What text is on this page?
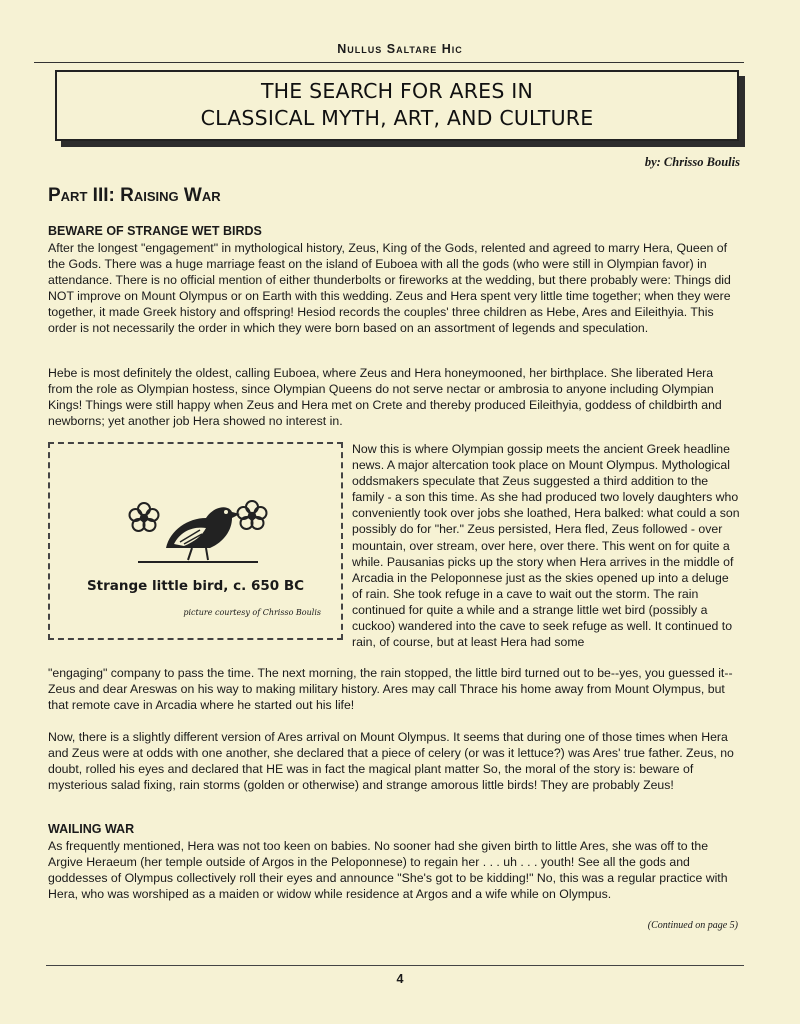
Nullus Saltare Hic
THE SEARCH FOR ARES IN
CLASSICAL MYTH, ART, AND CULTURE
by: Chrisso Boulis
Part III: Raising War
BEWARE OF STRANGE WET BIRDS

After the longest "engagement" in mythological history, Zeus, King of the Gods, relented and agreed to marry Hera, Queen of the Gods. There was a huge marriage feast on the island of Euboea with all the gods (who were still in Olympian favor) in attendance. There is no official mention of either thunderbolts or fireworks at the wedding, but there probably were: Things did NOT improve on Mount Olympus or on Earth with this wedding. Zeus and Hera spent very little time together; when they were together, it made Greek history and offspring! Hesiod records the couples' three children as Hebe, Ares and Eileithyia. This order is not necessarily the order in which they were born based on an assortment of legends and speculation.

Hebe is most definitely the oldest, calling Euboea, where Zeus and Hera honeymooned, her birthplace. She liberated Hera from the role as Olympian hostess, since Olympian Queens do not serve nectar or ambrosia to anyone including Olympian Kings! Things were still happy when Zeus and Hera met on Crete and thereby produced Eileithyia, goddess of childbirth and newborns; yet another job Hera showed no interest in.

Strange little bird, c. 650 BC
picture courtesy of Chrisso Boulis

Now this is where Olympian gossip meets the ancient Greek headline news. A major altercation took place on Mount Olympus. Mythological oddsmakers speculate that Zeus suggested a third addition to the family - a son this time. As she had produced two lovely daughters who conveniently took over jobs she loathed, Hera balked: what could a son possibly do for "her." Zeus persisted, Hera fled, Zeus followed - over mountain, over stream, over here, over there. This went on for quite a while. Pausanias picks up the story when Hera arrives in the middle of Arcadia in the Peloponnese just as the skies opened up into a deluge of rain. She took refuge in a cave to wait out the storm. The rain continued for quite a while and a strange little wet bird (possibly a cuckoo) wandered into the cave to seek refuge as well. It continued to rain, of course, but at least Hera had some

"engaging" company to pass the time. The next morning, the rain stopped, the little bird turned out to be--yes, you guessed it-- Zeus and dear Areswas on his way to making military history. Ares may call Thrace his home away from Mount Olympus, but that remote cave in Arcadia where he started out his life!

Now, there is a slightly different version of Ares arrival on Mount Olympus. It seems that during one of those times when Hera and Zeus were at odds with one another, she declared that a piece of celery (or was it lettuce?) was Ares' true father. Zeus, no doubt, rolled his eyes and declared that HE was in fact the magical plant matter So, the moral of the story is: beware of mysterious salad fixing, rain storms (golden or otherwise) and strange amorous little birds! They are probably Zeus!

WAILING WAR

As frequently mentioned, Hera was not too keen on babies. No sooner had she given birth to little Ares, she was off to the Argive Heraeum (her temple outside of Argos in the Peloponnese) to regain her . . . uh . . . youth! See all the gods and goddesses of Olympus collectively roll their eyes and announce "She's got to be kidding!" No, this was a regular practice with Hera, who was worshiped as a maiden or widow while residence at Argos and a wife while on Olympus.

(Continued on page 5)
4
